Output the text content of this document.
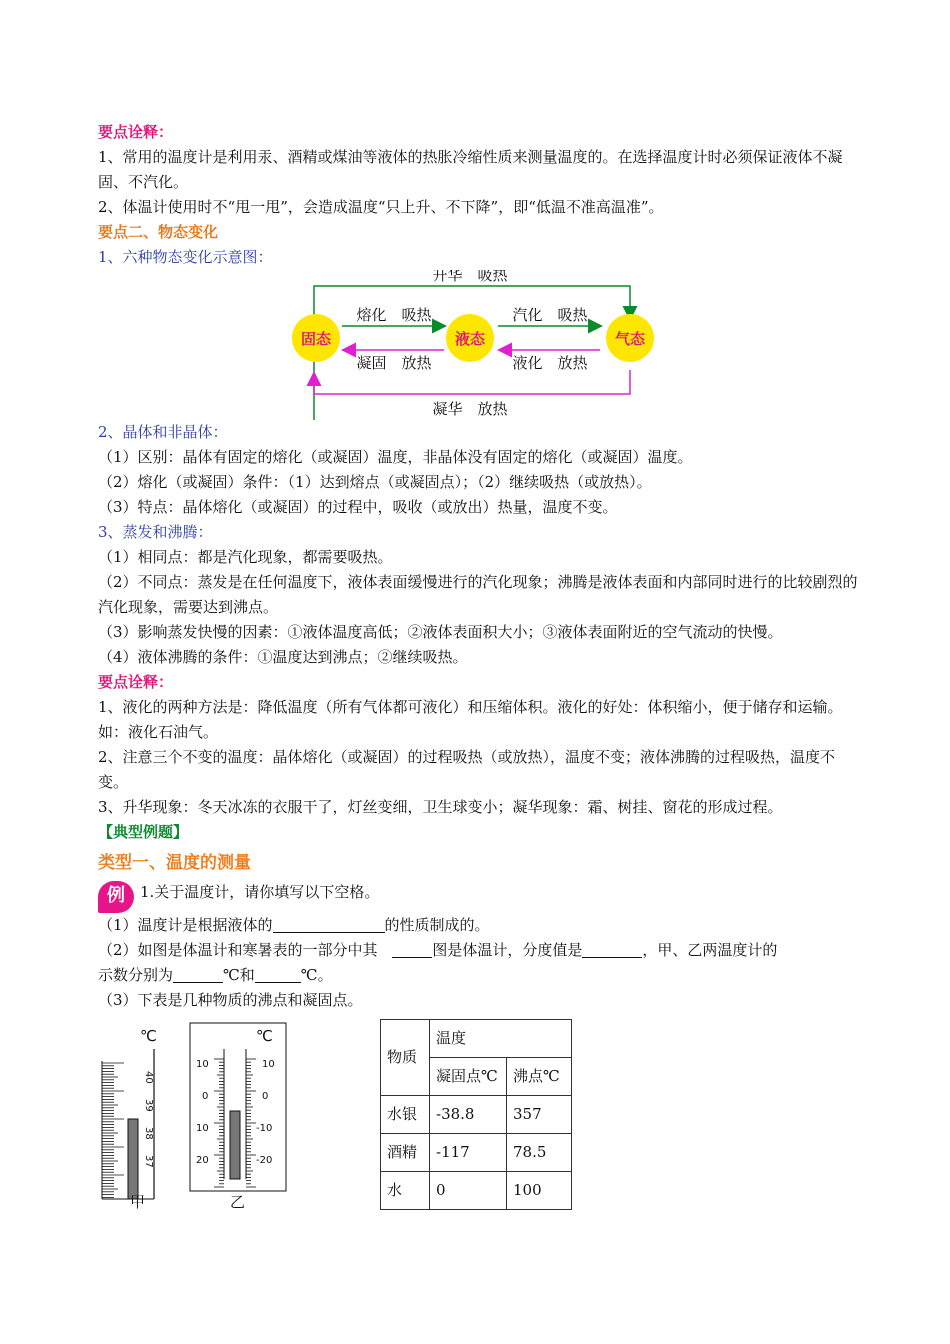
要点诠释：
1、常用的温度计是利用汞、酒精或煤油等液体的热胀冷缩性质来测量温度的。在选择温度计时必须保证液体不凝固、不汽化。
2、体温计使用时不“甩一甩”，会造成温度“只上升、不下降”，即“低温不准高温准”。
要点二、物态变化
1、六种物态变化示意图：
固态	液态	气态
升华　吸热
熔化　吸热
凝固　放热
汽化　吸热
液化　放热
凝华　放热
2、晶体和非晶体：
（1）区别：晶体有固定的熔化（或凝固）温度，非晶体没有固定的熔化（或凝固）温度。
（2）熔化（或凝固）条件：（1）达到熔点（或凝固点）；（2）继续吸热（或放热）。
（3）特点：晶体熔化（或凝固）的过程中，吸收（或放出）热量，温度不变。
3、蒸发和沸腾：
（1）相同点：都是汽化现象，都需要吸热。
（2）不同点：蒸发是在任何温度下，液体表面缓慢进行的汽化现象；沸腾是液体表面和内部同时进行的比较剧烈的汽化现象，需要达到沸点。
（3）影响蒸发快慢的因素：①液体温度高低；②液体表面积大小；③液体表面附近的空气流动的快慢。
（4）液体沸腾的条件：①温度达到沸点；②继续吸热。
要点诠释：
1、液化的两种方法是：降低温度（所有气体都可液化）和压缩体积。液化的好处：体积缩小，便于储存和运输。如：液化石油气。
2、注意三个不变的温度：晶体熔化（或凝固）的过程吸热（或放热），温度不变；液体沸腾的过程吸热，温度不变。
3、升华现象：冬天冰冻的衣服干了，灯丝变细，卫生球变小；凝华现象：霜、树挂、窗花的形成过程。
【典型例题】
类型一、温度的测量
例 1.关于温度计，请你填写以下空格。
（1）温度计是根据液体的	的性质制成的。
（2）如图是体温计和寒暑表的一部分中其	图是体温计，分度值是	，甲、乙两温度计的
示数分别为	℃和	℃。
（3）下表是几种物质的沸点和凝固点。
℃
40
39
38
37
甲
℃
10
0
10
20
10
0
-10
-20
乙
物质	温度	
	凝固点℃	沸点℃
水银	-38.8	357
酒精	-117	78.5
水	0	100
